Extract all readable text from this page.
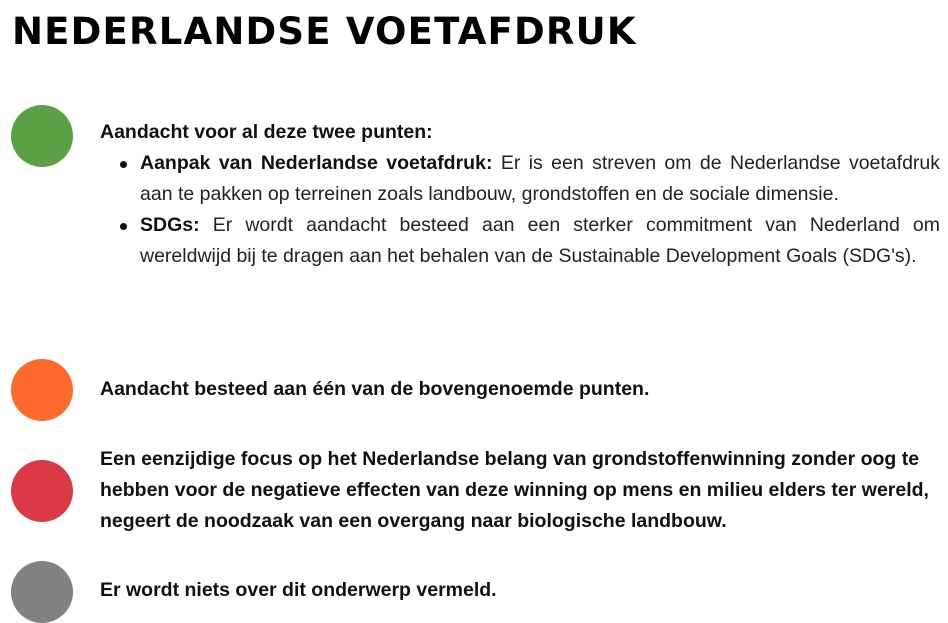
NEDERLANDSE VOETAFDRUK
Aandacht voor al deze twee punten:
Aanpak van Nederlandse voetafdruk: Er is een streven om de Nederlandse voetafdruk aan te pakken op terreinen zoals landbouw, grondstoffen en de sociale dimensie.
SDGs: Er wordt aandacht besteed aan een sterker commitment van Nederland om wereldwijd bij te dragen aan het behalen van de Sustainable Development Goals (SDG's).
Aandacht besteed aan één van de bovengenoemde punten.
Een eenzijdige focus op het Nederlandse belang van grondstoffenwinning zonder oog te hebben voor de negatieve effecten van deze winning op mens en milieu elders ter wereld, negeert de noodzaak van een overgang naar biologische landbouw.
Er wordt niets over dit onderwerp vermeld.
